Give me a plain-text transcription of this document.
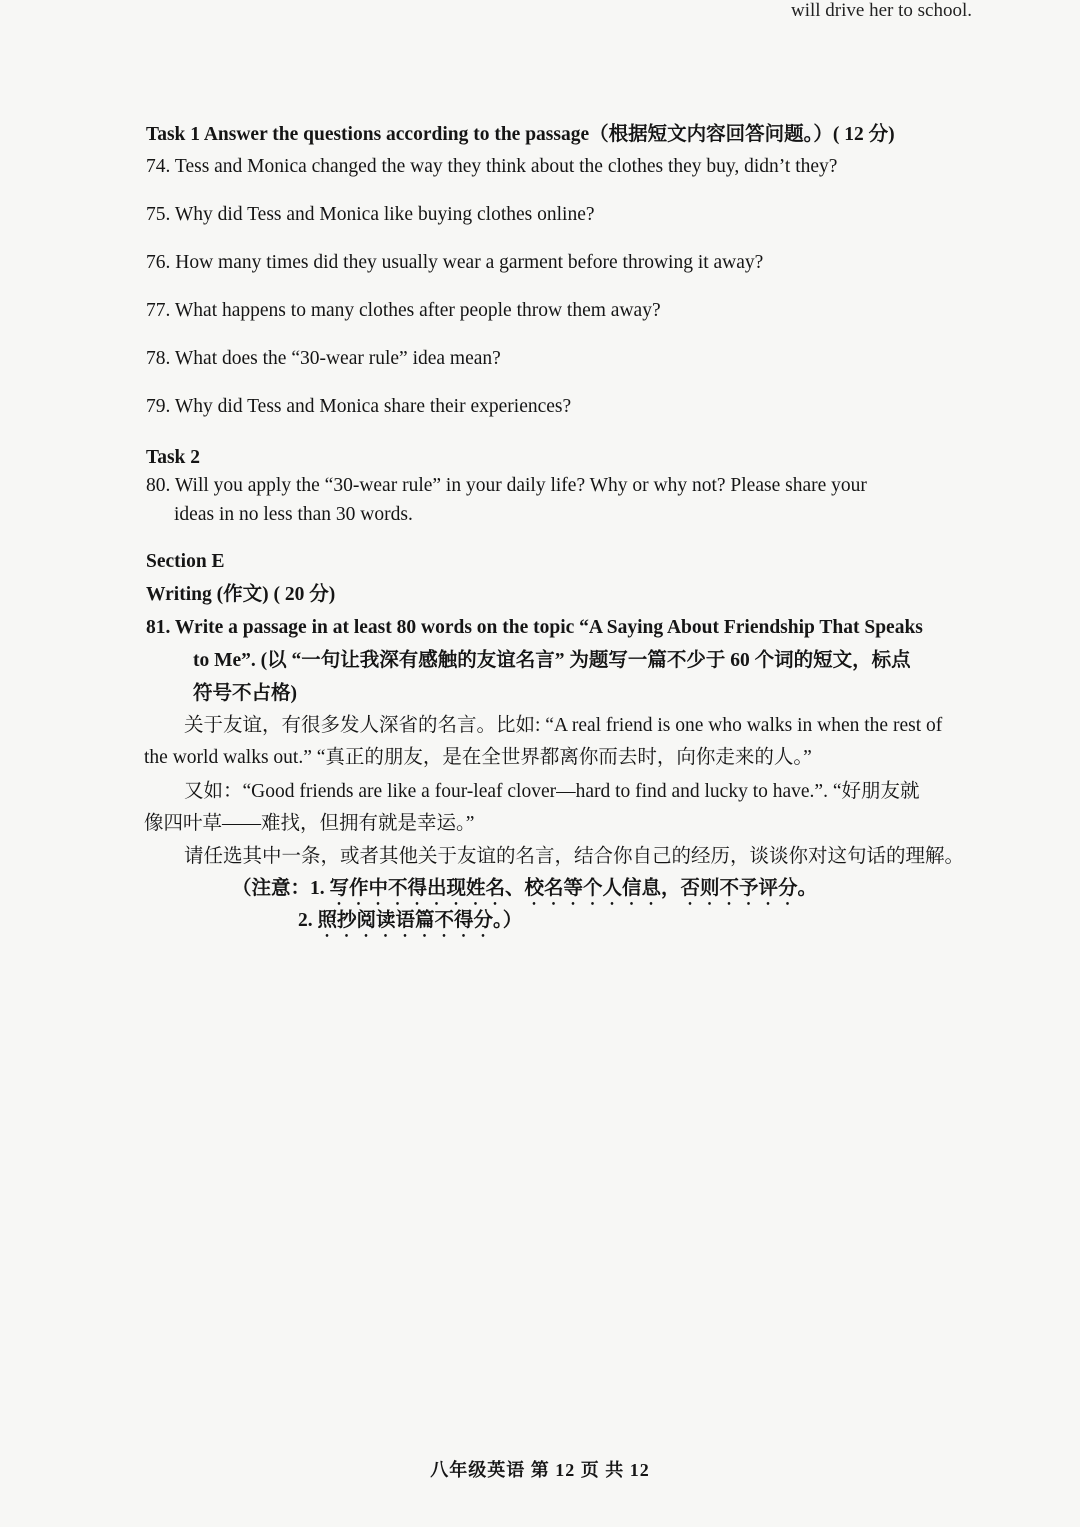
will drive her to school.
Task 1 Answer the questions according to the passage（根据短文内容回答问题。）( 12 分)
74. Tess and Monica changed the way they think about the clothes they buy, didn’t they?
75. Why did Tess and Monica like buying clothes online?
76. How many times did they usually wear a garment before throwing it away?
77. What happens to many clothes after people throw them away?
78. What does the “30-wear rule” idea mean?
79. Why did Tess and Monica share their experiences?
Task 2
80. Will you apply the “30-wear rule” in your daily life? Why or why not? Please share your
ideas in no less than 30 words.
Section E
Writing (作文) ( 20 分)
81. Write a passage in at least 80 words on the topic “A Saying About Friendship That Speaks
to Me”. (以 “一句让我深有感触的友谊名言” 为题写一篇不少于 60 个词的短文，标点
符号不占格)
关于友谊，有很多发人深省的名言。比如: “A real friend is one who walks in when the rest of
the world walks out.” “真正的朋友，是在全世界都离你而去时，向你走来的人。”
又如：“Good friends are like a four-leaf clover—hard to find and lucky to have.”. “好朋友就
像四叶草——难找，但拥有就是幸运。”
请任选其中一条，或者其他关于友谊的名言，结合你自己的经历，谈谈你对这句话的理解。
（注意：1. 写作中不得出现姓名、校名等个人信息，否则不予评分。
2. 照抄阅读语篇不得分。）
八年级英语 第 12 页 共 12
